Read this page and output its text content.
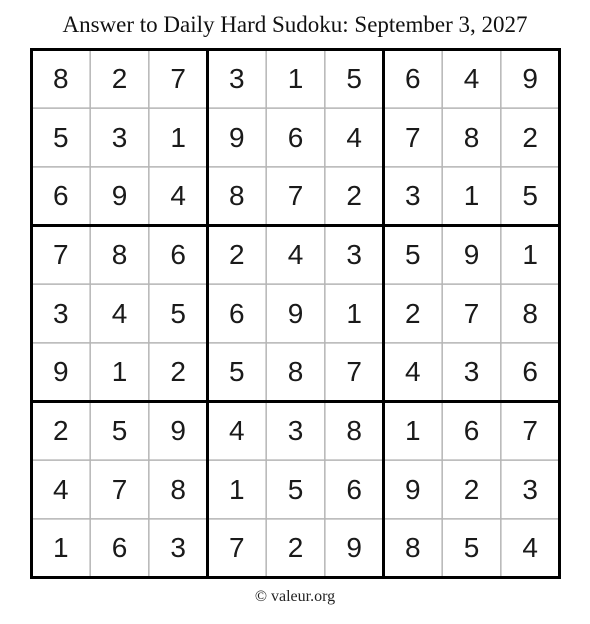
Answer to Daily Hard Sudoku: September 3, 2027
8	2	7	3	1	5	6	4	9
5	3	1	9	6	4	7	8	2
6	9	4	8	7	2	3	1	5
7	8	6	2	4	3	5	9	1
3	4	5	6	9	1	2	7	8
9	1	2	5	8	7	4	3	6
2	5	9	4	3	8	1	6	7
4	7	8	1	5	6	9	2	3
1	6	3	7	2	9	8	5	4
© valeur.org
